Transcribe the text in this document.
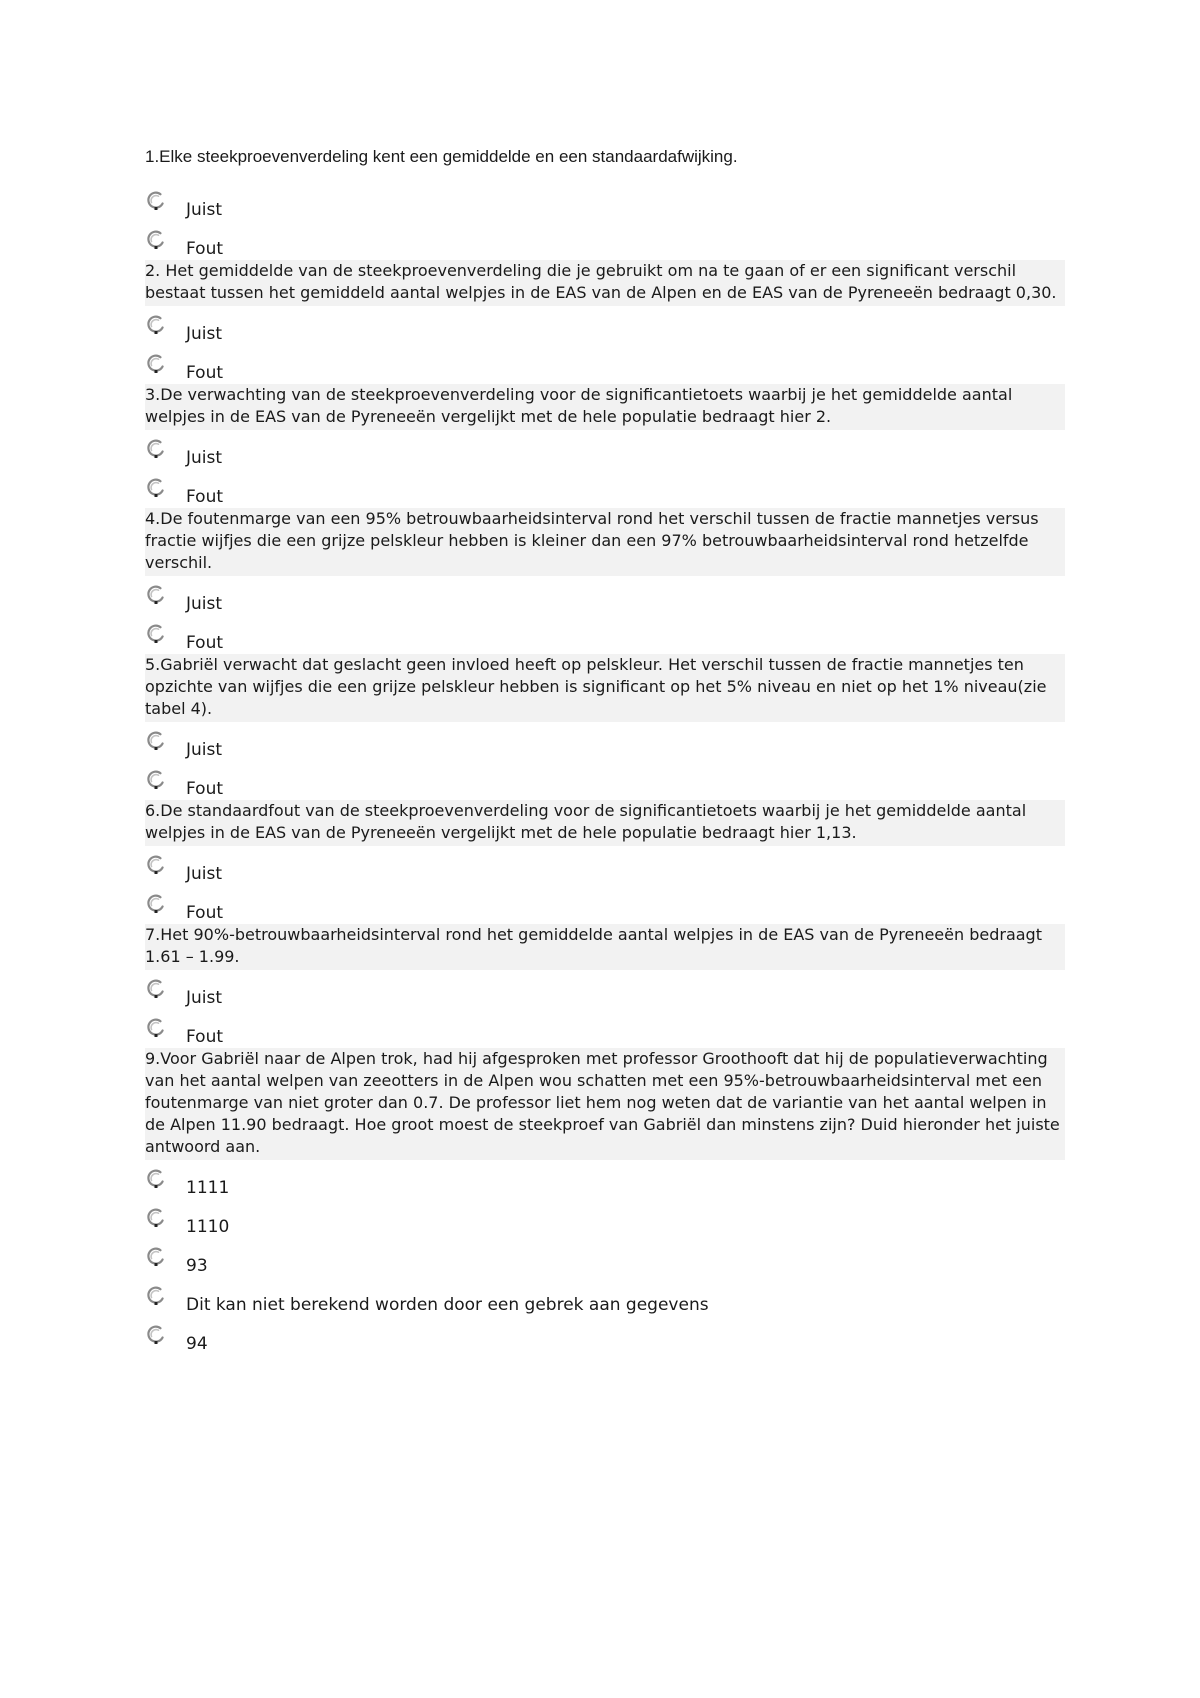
1.Elke steekproevenverdeling kent een gemiddelde en een standaardafwijking.

Juist
Fout

2. Het gemiddelde van de steekproevenverdeling die je gebruikt om na te gaan of er een significant verschil bestaat tussen het gemiddeld aantal welpjes in de EAS van de Alpen en de EAS van de Pyreneeën bedraagt 0,30.

Juist
Fout

3.De verwachting van de steekproevenverdeling voor de significantietoets waarbij je het gemiddelde aantal welpjes in de EAS van de Pyreneeën vergelijkt met de hele populatie bedraagt hier 2.

Juist
Fout

4.De foutenmarge van een 95% betrouwbaarheidsinterval rond het verschil tussen de fractie mannetjes versus fractie wijfjes die een grijze pelskleur hebben is kleiner dan een 97% betrouwbaarheidsinterval rond hetzelfde verschil.

Juist
Fout

5.Gabriël verwacht dat geslacht geen invloed heeft op pelskleur. Het verschil tussen de fractie mannetjes ten opzichte van wijfjes die een grijze pelskleur hebben is significant op het 5% niveau en niet op het 1% niveau(zie tabel 4).

Juist
Fout

6.De standaardfout van de steekproevenverdeling voor de significantietoets waarbij je het gemiddelde aantal welpjes in de EAS van de Pyreneeën vergelijkt met de hele populatie bedraagt hier 1,13.

Juist
Fout

7.Het 90%-betrouwbaarheidsinterval rond het gemiddelde aantal welpjes in de EAS van de Pyreneeën bedraagt 1.61 – 1.99.

Juist
Fout

9.Voor Gabriël naar de Alpen trok, had hij afgesproken met professor Groothooft dat hij de populatieverwachting van het aantal welpen van zeeotters in de Alpen wou schatten met een 95%-betrouwbaarheidsinterval met een foutenmarge van niet groter dan 0.7. De professor liet hem nog weten dat de variantie van het aantal welpen in de Alpen 11.90 bedraagt. Hoe groot moest de steekproef van Gabriël dan minstens zijn? Duid hieronder het juiste antwoord aan.

1111
1110
93
Dit kan niet berekend worden door een gebrek aan gegevens
94
